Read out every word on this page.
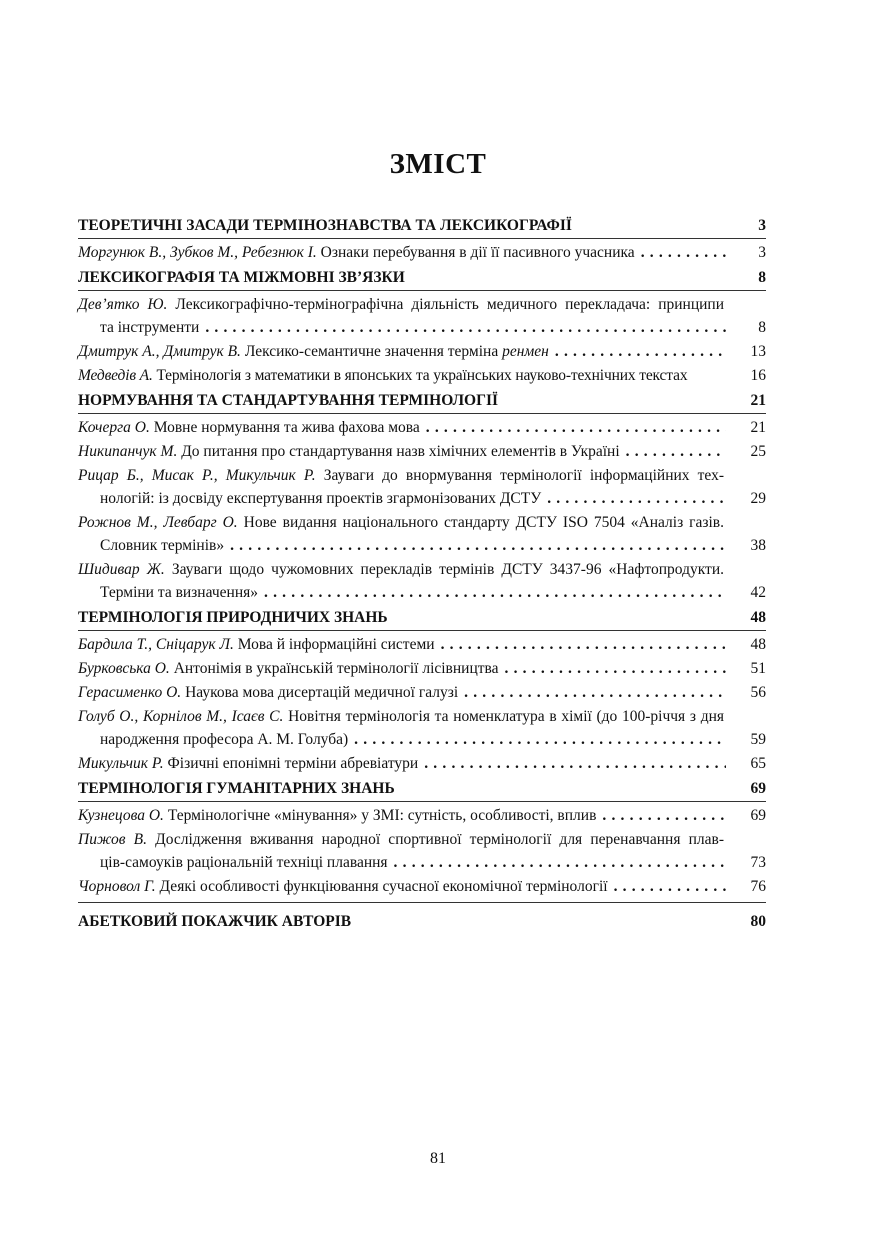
ЗМІСТ
ТЕОРЕТИЧНІ ЗАСАДИ ТЕРМІНОЗНАВСТВА ТА ЛЕКСИКОГРАФІЇ	3
Моргунюк В., Зубков М., Ребезнюк І. Ознаки перебування в дії її пасивного учасника .....	3
ЛЕКСИКОГРАФІЯ ТА МІЖМОВНІ ЗВ’ЯЗКИ	8
Дев’ятко Ю. Лексикографічно-термінографічна діяльність медичного перекладача: принципи
та інструменти .....	8
Дмитрук А., Дмитрук В. Лексико-семантичне значення терміна ренмен .....	13
Медведів А. Термінологія з математики в японських та українських науково-технічних текстах	16
НОРМУВАННЯ ТА СТАНДАРТУВАННЯ ТЕРМІНОЛОГІЇ	21
Кочерга О. Мовне нормування та жива фахова мова .....	21
Никипанчук М. До питання про стандартування назв хімічних елементів в Україні .....	25
Рицар Б., Мисак Р., Микульчик Р. Зауваги до внормування термінології інформаційних тех-
нологій: із досвіду експертування проектів згармонізованих ДСТУ .....	29
Рожнов М., Левбарг О. Нове видання національного стандарту ДСТУ ISO 7504 «Аналіз газів.
Словник термінів» .....	38
Шидивар Ж. Зауваги щодо чужомовних перекладів термінів ДСТУ 3437-96 «Нафтопродукти.
Терміни та визначення» .....	42
ТЕРМІНОЛОГІЯ ПРИРОДНИЧИХ ЗНАНЬ	48
Бардила Т., Сніцарук Л. Мова й інформаційні системи .....	48
Бурковська О. Антонімія в українській термінології лісівництва .....	51
Герасименко О. Наукова мова дисертацій медичної галузі .....	56
Голуб О., Корнілов М., Ісаєв С. Новітня термінологія та номенклатура в хімії (до 100-річчя з дня
народження професора А. М. Голуба) .....	59
Микульчик Р. Фізичні епонімні терміни абревіатури .....	65
ТЕРМІНОЛОГІЯ ГУМАНІТАРНИХ ЗНАНЬ	69
Кузнецова О. Термінологічне «мінування» у ЗМІ: сутність, особливості, вплив .....	69
Пижов В. Дослідження вживання народної спортивної термінології для перенавчання плав-
ців-самоуків раціональній техніці плавання .....	73
Чорновол Г. Деякі особливості функціювання сучасної економічної термінології .....	76
АБЕТКОВИЙ ПОКАЖЧИК АВТОРІВ	80
81
